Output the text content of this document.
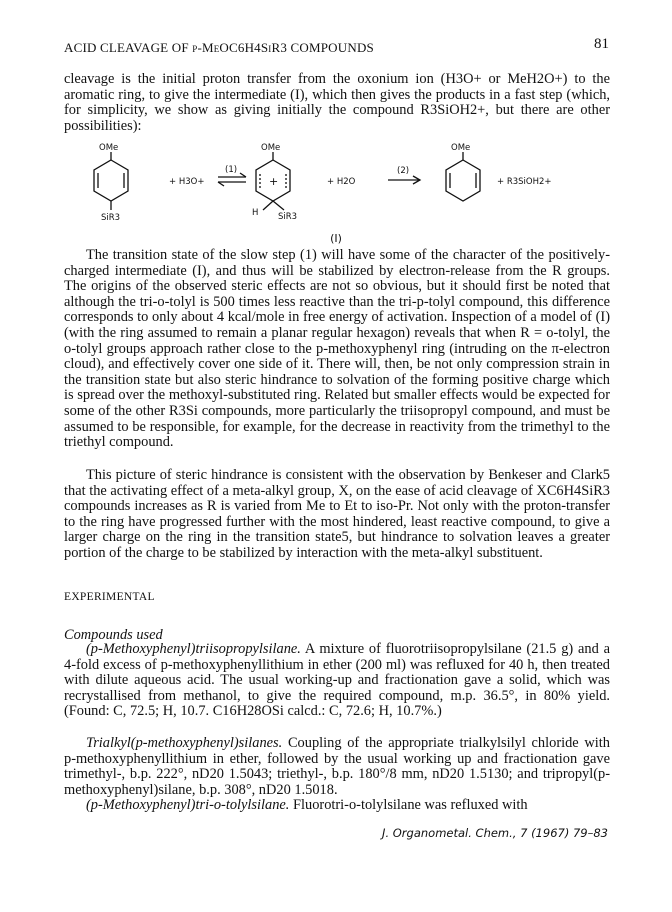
ACID CLEAVAGE OF p-MeOC6H4SiR3 COMPOUNDS	81

cleavage is the initial proton transfer from the oxonium ion (H3O+ or MeH2O+) to the aromatic ring, to give the intermediate (I), which then gives the products in a fast step (which, for simplicity, we show as giving initially the compound R3SiOH2+, but there are other possibilities):

OMe
SiR3
+ H3O+
(1)
OMe
+
H SiR3
+ H2O
(2)
OMe
+ R3SiOH2+
(I)

The transition state of the slow step (1) will have some of the character of the positively-charged intermediate (I), and thus will be stabilized by electron-release from the R groups. The origins of the observed steric effects are not so obvious, but it should first be noted that although the tri-o-tolyl is 500 times less reactive than the tri-p-tolyl compound, this difference corresponds to only about 4 kcal/mole in free energy of activation. Inspection of a model of (I) (with the ring assumed to remain a planar regular hexagon) reveals that when R = o-tolyl, the o-tolyl groups approach rather close to the p-methoxyphenyl ring (intruding on the π-electron cloud), and effectively cover one side of it. There will, then, be not only compression strain in the transition state but also steric hindrance to solvation of the forming positive charge which is spread over the methoxyl-substituted ring. Related but smaller effects would be expected for some of the other R3Si compounds, more particularly the triisopropyl compound, and must be assumed to be responsible, for example, for the decrease in reactivity from the trimethyl to the triethyl compound.

This picture of steric hindrance is consistent with the observation by Benkeser and Clark5 that the activating effect of a meta-alkyl group, X, on the ease of acid cleavage of XC6H4SiR3 compounds increases as R is varied from Me to Et to iso-Pr. Not only with the proton-transfer to the ring have progressed further with the most hindered, least reactive compound, to give a larger charge on the ring in the transition state5, but hindrance to solvation leaves a greater portion of the charge to be stabilized by interaction with the meta-alkyl substituent.

EXPERIMENTAL
Compounds used

(p-Methoxyphenyl)triisopropylsilane. A mixture of fluorotriisopropylsilane (21.5 g) and a 4-fold excess of p-methoxyphenyllithium in ether (200 ml) was refluxed for 40 h, then treated with dilute aqueous acid. The usual working-up and fractionation gave a solid, which was recrystallised from methanol, to give the required compound, m.p. 36.5°, in 80% yield. (Found: C, 72.5; H, 10.7. C16H28OSi calcd.: C, 72.6; H, 10.7%.)

Trialkyl(p-methoxyphenyl)silanes. Coupling of the appropriate trialkylsilyl chloride with p-methoxyphenyllithium in ether, followed by the usual working up and fractionation gave trimethyl-, b.p. 222°, nD20 1.5043; triethyl-, b.p. 180°/8 mm, nD20 1.5130; and tripropyl(p-methoxyphenyl)silane, b.p. 308°, nD20 1.5018.

(p-Methoxyphenyl)tri-o-tolylsilane. Fluorotri-o-tolylsilane was refluxed with

J. Organometal. Chem., 7 (1967) 79–83
